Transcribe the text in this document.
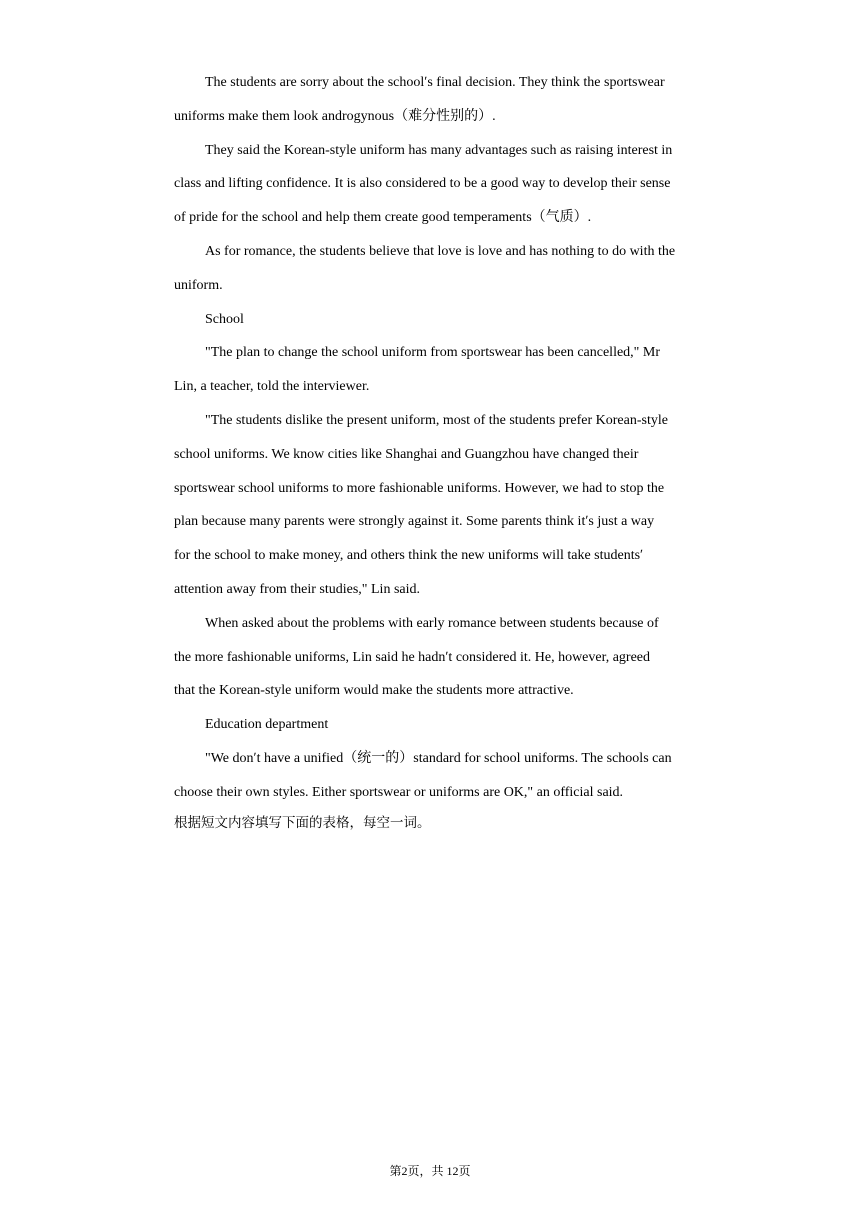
The students are sorry about the schoolʹs final decision. They think the sportswear
uniforms make them look androgynous（难分性别的）.
They said the Korean-style uniform has many advantages such as raising interest in
class and lifting confidence. It is also considered to be a good way to develop their sense
of pride for the school and help them create good temperaments（气质）.
As for romance, the students believe that love is love and has nothing to do with the
uniform.
School
"The plan to change the school uniform from sportswear has been cancelled," Mr
Lin, a teacher, told the interviewer.
"The students dislike the present uniform, most of the students prefer Korean-style
school uniforms. We know cities like Shanghai and Guangzhou have changed their
sportswear school uniforms to more fashionable uniforms. However, we had to stop the
plan because many parents were strongly against it. Some parents think itʹs just a way
for the school to make money, and others think the new uniforms will take studentsʹ
attention away from their studies," Lin said.
When asked about the problems with early romance between students because of
the more fashionable uniforms, Lin said he hadnʹt considered it. He, however, agreed
that the Korean-style uniform would make the students more attractive.
Education department
"We donʹt have a unified（统一的）standard for school uniforms. The schools can
choose their own styles. Either sportswear or uniforms are OK," an official said.
根据短文内容填写下面的表格，每空一词。
第2页，共 12页
